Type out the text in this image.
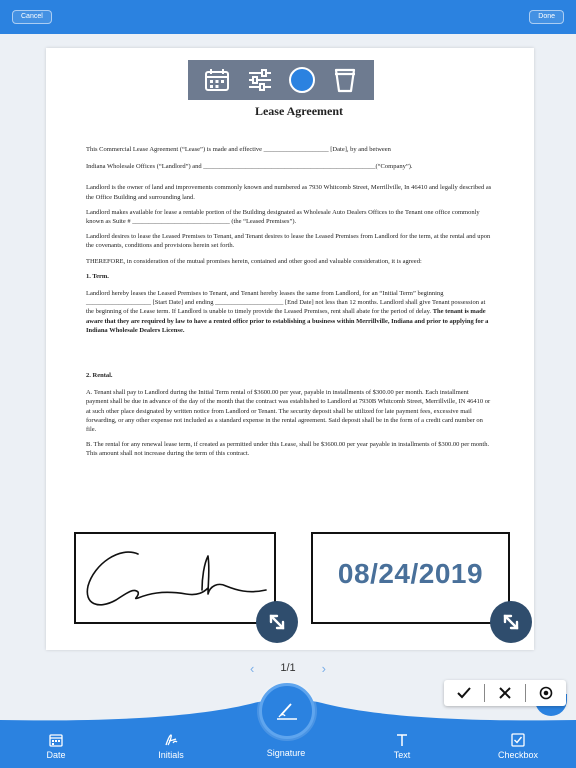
Cancel	Done
Lease Agreement

This Commercial Lease Agreement (“Lease”) is made and effective ____________________ [Date], by and between

Indiana Wholesale Offices (“Landlord”) and _____________________________________________________(“Company”).

Landlord is the owner of land and improvements commonly known and numbered as 7930 Whitcomb Street, Merrillville, In 46410 and legally described as the Office Building and surrounding land.

Landlord makes available for lease a rentable portion of the Building designated as Wholesale Auto Dealers Offices to the Tenant one office commonly known as Suite # ______________________________ (the “Leased Premises”).

Landlord desires to lease the Leased Premises to Tenant, and Tenant desires to lease the Leased Premises from Landlord for the term, at the rental and upon the covenants, conditions and provisions herein set forth.

THEREFORE, in consideration of the mutual promises herein, contained and other good and valuable consideration, it is agreed:

1. Term.

Landlord hereby leases the Leased Premises to Tenant, and Tenant hereby leases the same from Landlord, for an “Initial Term” beginning ____________________ [Start Date] and ending _____________________ [End Date] not less than 12 months. Landlord shall give Tenant possession at the beginning of the Lease term. If Landlord is unable to timely provide the Leased Premises, rent shall abate for the period of delay. The tenant is made aware that they are required by law to have a rented office prior to establishing a business within Merrillville, Indiana and prior to applying for a Indiana Wholesale Dealers License.

2. Rental.

A. Tenant shall pay to Landlord during the Initial Term rental of $3600.00 per year, payable in installments of $300.00 per month. Each installment payment shall be due in advance of the day of the month that the contract was established to Landlord at 7930B Whitcomb Street, Merrillville, IN 46410 or at such other place designated by written notice from Landlord or Tenant. The security deposit shall be utilized for late payment fees, excessive mail forwarding, or any other expense not included as a standard expense in the rental agreement. Said deposit shall be in the form of a credit card number on file.

B. The rental for any renewal lease term, if created as permitted under this Lease, shall be $3600.00 per year payable in installments of $300.00 per month. This amount shall not increase during the term of this contract.

08/24/2019
‹ 1/1 ›
Date	Initials	Signature	Text	Checkbox
